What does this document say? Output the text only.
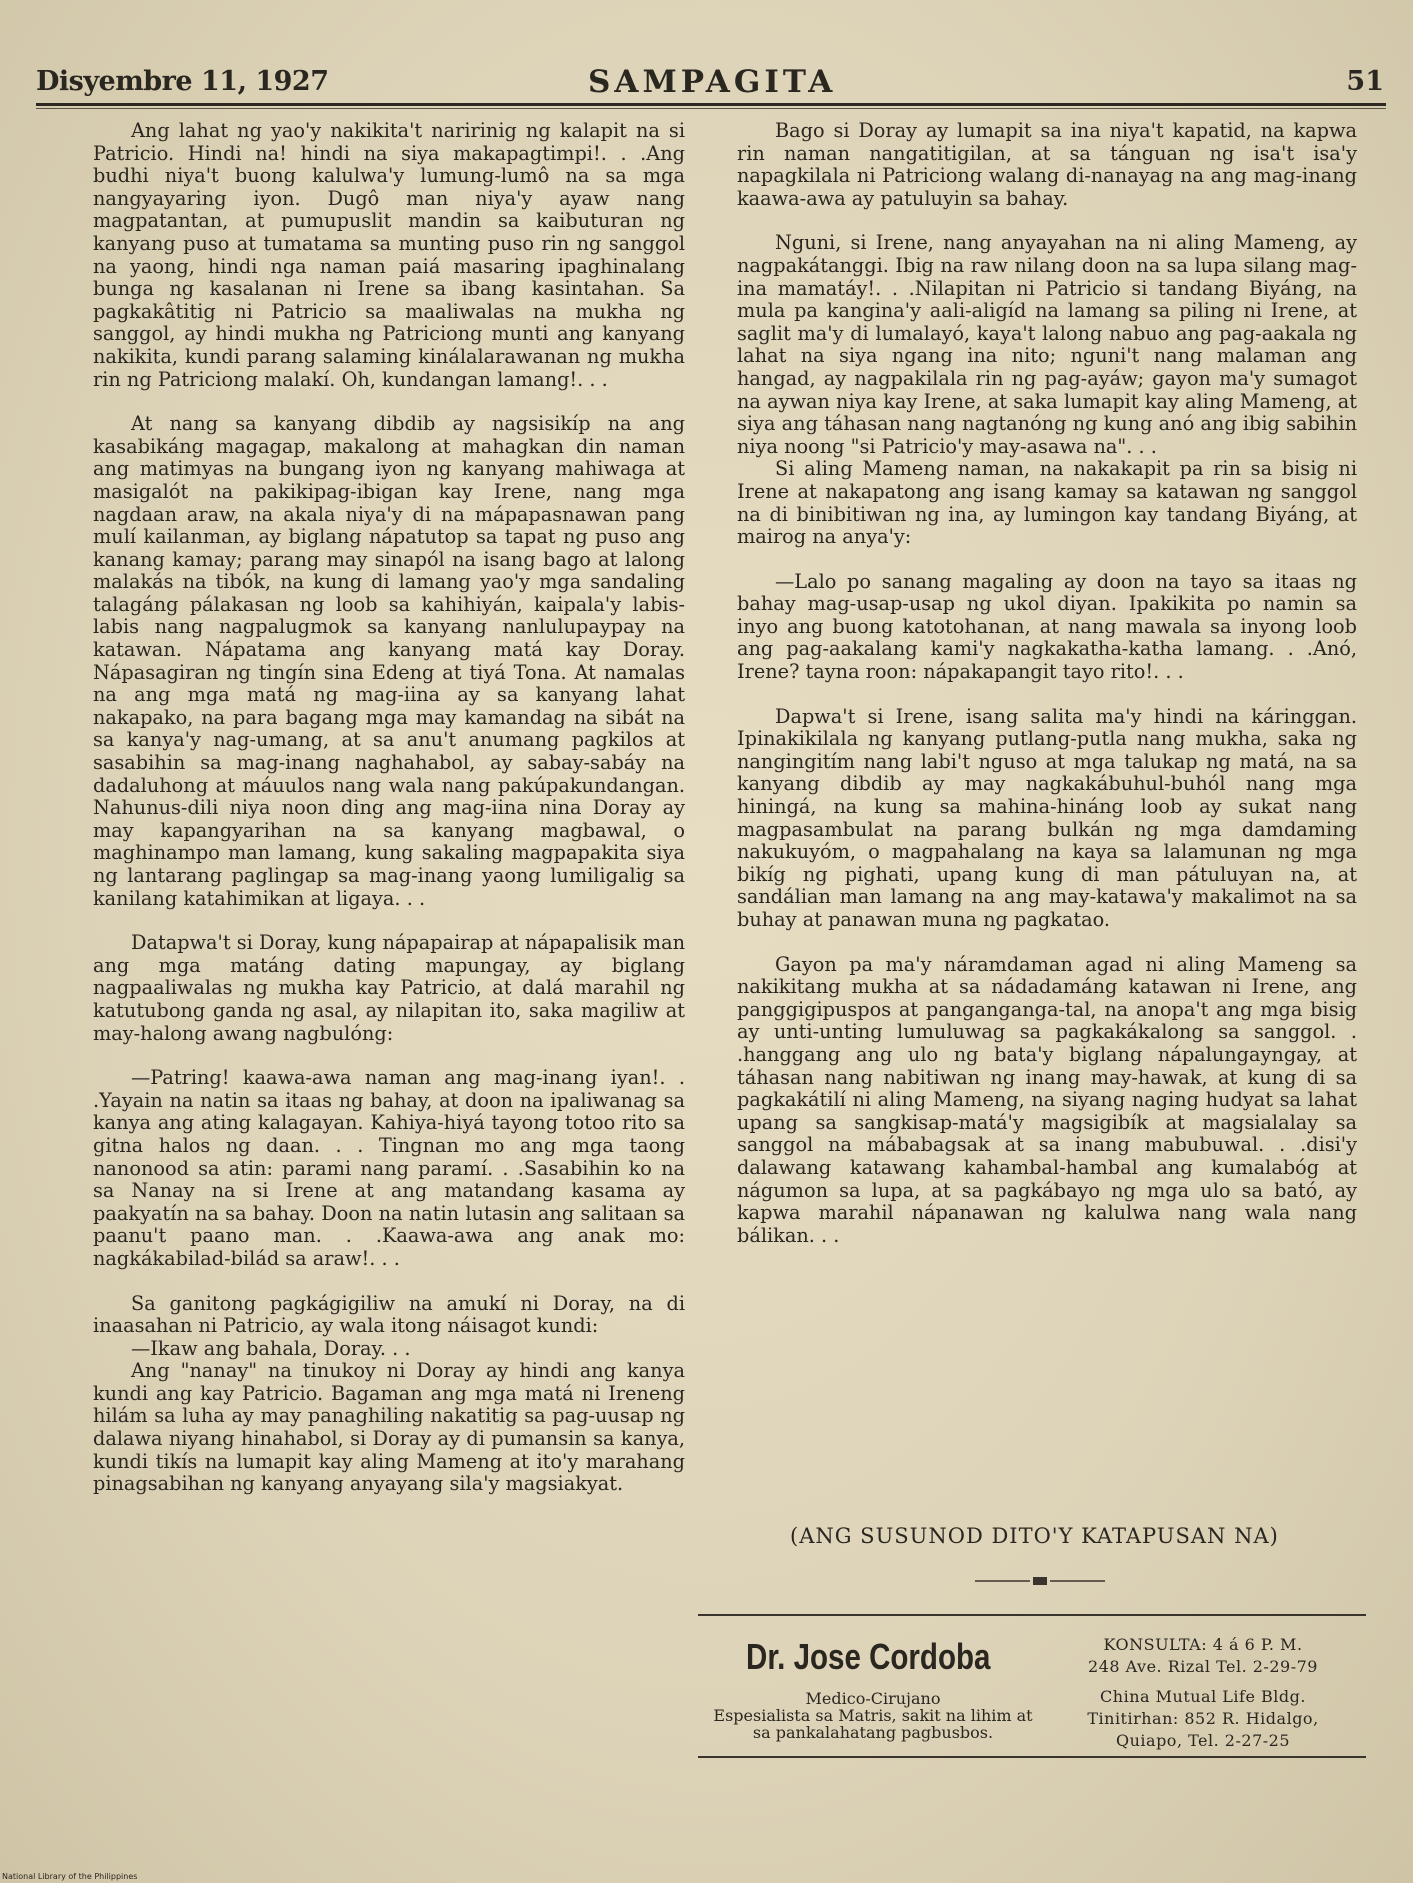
Disyembre 11, 1927	SAMPAGITA	51

Ang lahat ng yao'y nakikita't naririnig ng kalapit na si Patricio. Hindi na! hindi na siya makapagtimpi!. . .Ang budhi niya't buong kalulwa'y lumung-lumô na sa mga nangyayaring iyon. Dugô man niya'y ayaw nang magpatantan, at pumupuslit mandin sa kaibuturan ng kanyang puso at tumatama sa munting puso rin ng sanggol na yaong, hindi nga naman paiá masaring ipaghinalang bunga ng kasalanan ni Irene sa ibang kasintahan. Sa pagkakâtitig ni Patricio sa maaliwalas na mukha ng sanggol, ay hindi mukha ng Patriciong munti ang kanyang nakikita, kundi parang salaming kinálalarawanan ng mukha rin ng Patriciong malakí. Oh, kundangan lamang!. . .

At nang sa kanyang dibdib ay nagsisikíp na ang kasabikáng magagap, makalong at mahagkan din naman ang matimyas na bungang iyon ng kanyang mahiwaga at masigalót na pakikipag-ibigan kay Irene, nang mga nagdaan araw, na akala niya'y di na mápapasnawan pang mulí kailanman, ay biglang nápatutop sa tapat ng puso ang kanang kamay; parang may sinapól na isang bago at lalong malakás na tibók, na kung di lamang yao'y mga sandaling talagáng pálakasan ng loob sa kahihiyán, kaipala'y labis-labis nang nagpalugmok sa kanyang nanlulupaypay na katawan. Nápatama ang kanyang matá kay Doray. Nápasagiran ng tingín sina Edeng at tiyá Tona. At namalas na ang mga matá ng mag-iina ay sa kanyang lahat nakapako, na para bagang mga may kamandag na sibát na sa kanya'y nag-umang, at sa anu't anumang pagkilos at sasabihin sa mag-inang naghahabol, ay sabay-sabáy na dadaluhong at máuulos nang wala nang pakúpakundangan. Nahunus-dili niya noon ding ang mag-iina nina Doray ay may kapangyarihan na sa kanyang magbawal, o maghinampo man lamang, kung sakaling magpapakita siya ng lantarang paglingap sa mag-inang yaong lumiligalig sa kanilang katahimikan at ligaya. . .

Datapwa't si Doray, kung nápapairap at nápapalisik man ang mga matáng dating mapungay, ay biglang nagpaaliwalas ng mukha kay Patricio, at dalá marahil ng katutubong ganda ng asal, ay nilapitan ito, saka magiliw at may-halong awang nagbulóng:

—Patring! kaawa-awa naman ang mag-inang iyan!. . .Yayain na natin sa itaas ng bahay, at doon na ipaliwanag sa kanya ang ating kalagayan. Kahiya-hiyá tayong totoo rito sa gitna halos ng daan. . . Tingnan mo ang mga taong nanonood sa atin: parami nang paramí. . .Sasabihin ko na sa Nanay na si Irene at ang matandang kasama ay paakyatín na sa bahay. Doon na natin lutasin ang salitaan sa paanu't paano man. . .Kaawa-awa ang anak mo: nagkákabilad-bilád sa araw!. . .

Sa ganitong pagkágigiliw na amukí ni Doray, na di inaasahan ni Patricio, ay wala itong náisagot kundi:

—Ikaw ang bahala, Doray. . .

Ang "nanay" na tinukoy ni Doray ay hindi ang kanya kundi ang kay Patricio. Bagaman ang mga matá ni Ireneng hilám sa luha ay may panaghiling nakatitig sa pag-uusap ng dalawa niyang hinahabol, si Doray ay di pumansin sa kanya, kundi tikís na lumapit kay aling Mameng at ito'y marahang pinagsabihan ng kanyang anyayang sila'y magsiakyat.

Bago si Doray ay lumapit sa ina niya't kapatid, na kapwa rin naman nangatitigilan, at sa tánguan ng isa't isa'y napagkilala ni Patriciong walang di-nanayag na ang mag-inang kaawa-awa ay patuluyin sa bahay.

Nguni, si Irene, nang anyayahan na ni aling Mameng, ay nagpakátanggi. Ibig na raw nilang doon na sa lupa silang mag-ina mamatáy!. . .Nilapitan ni Patricio si tandang Biyáng, na mula pa kangina'y aali-aligíd na lamang sa piling ni Irene, at saglit ma'y di lumalayó, kaya't lalong nabuo ang pag-aakala ng lahat na siya ngang ina nito; nguni't nang malaman ang hangad, ay nagpakilala rin ng pag-ayáw; gayon ma'y sumagot na aywan niya kay Irene, at saka lumapit kay aling Mameng, at siya ang táhasan nang nagtanóng ng kung anó ang ibig sabihin niya noong "si Patricio'y may-asawa na". . .

Si aling Mameng naman, na nakakapit pa rin sa bisig ni Irene at nakapatong ang isang kamay sa katawan ng sanggol na di binibitiwan ng ina, ay lumingon kay tandang Biyáng, at mairog na anya'y:

—Lalo po sanang magaling ay doon na tayo sa itaas ng bahay mag-usap-usap ng ukol diyan. Ipakikita po namin sa inyo ang buong katotohanan, at nang mawala sa inyong loob ang pag-aakalang kami'y nagkakatha-katha lamang. . .Anó, Irene? tayna roon: nápakapangit tayo rito!. . .

Dapwa't si Irene, isang salita ma'y hindi na káringgan. Ipinakikilala ng kanyang putlang-putla nang mukha, saka ng nangingitím nang labi't nguso at mga talukap ng matá, na sa kanyang dibdib ay may nagkakábuhul-buhól nang mga hiningá, na kung sa mahina-hináng loob ay sukat nang magpasambulat na parang bulkán ng mga damdaming nakukuyóm, o magpahalang na kaya sa lalamunan ng mga bikíg ng pighati, upang kung di man pátuluyan na, at sandálian man lamang na ang may-katawa'y makalimot na sa buhay at panawan muna ng pagkatao.

Gayon pa ma'y náramdaman agad ni aling Mameng sa nakikitang mukha at sa nádadamáng katawan ni Irene, ang panggigipuspos at panganganga-tal, na anopa't ang mga bisig ay unti-unting lumuluwag sa pagkakákalong sa sanggol. . .hanggang ang ulo ng bata'y biglang nápalungayngay, at táhasan nang nabitiwan ng inang may-hawak, at kung di sa pagkakátilí ni aling Mameng, na siyang naging hudyat sa lahat upang sa sangkisap-matá'y magsigibík at magsialalay sa sanggol na mábabagsak at sa inang mabubuwal. . .disi'y dalawang katawang kahambal-hambal ang kumalabóg at nágumon sa lupa, at sa pagkábayo ng mga ulo sa bató, ay kapwa marahil nápanawan ng kalulwa nang wala nang bálikan. . .

(ANG SUSUNOD DITO'Y KATAPUSAN NA)
Dr. Jose Cordoba
Medico-Cirujano
Espesialista sa Matris, sakit na lihim at sa pankalahatang pagbusbos.
KONSULTA: 4 á 6 P. M.
248 Ave. Rizal Tel. 2-29-79
China Mutual Life Bldg.
Tinitirhan: 852 R. Hidalgo,
Quiapo, Tel. 2-27-25
National Library of the Philippines
